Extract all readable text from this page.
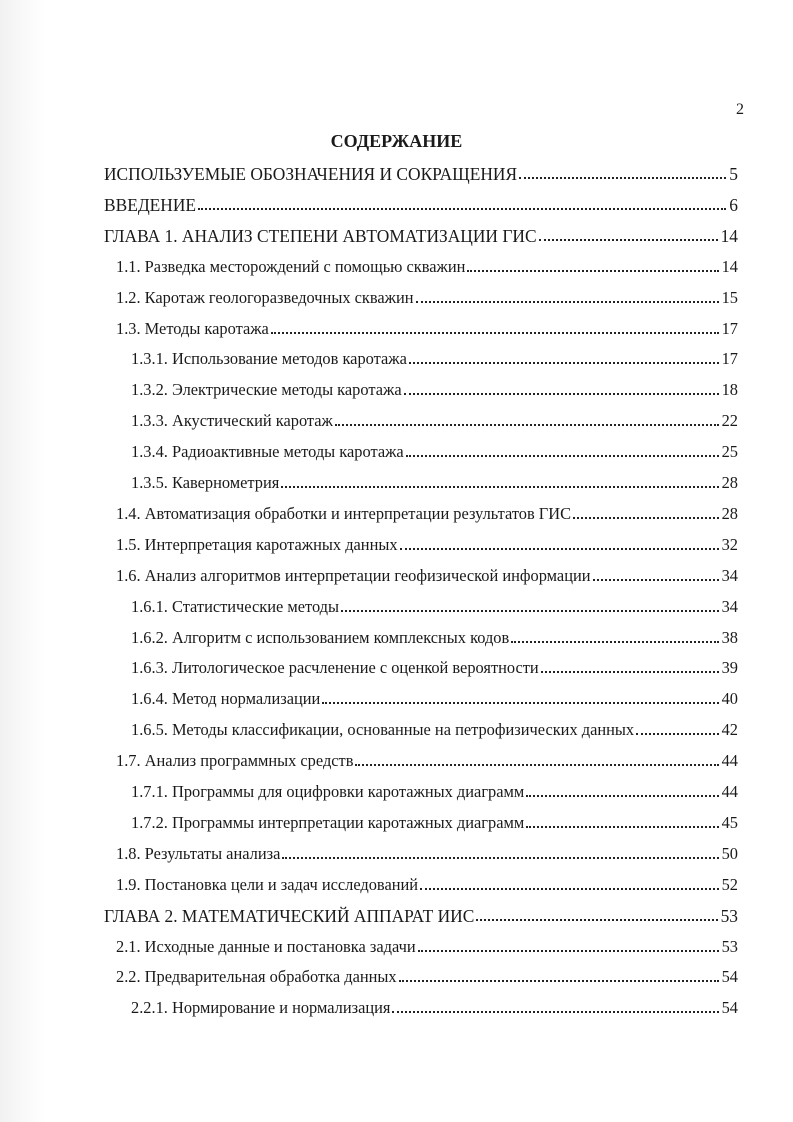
2
СОДЕРЖАНИЕ
ИСПОЛЬЗУЕМЫЕ ОБОЗНАЧЕНИЯ И СОКРАЩЕНИЯ	5
ВВЕДЕНИЕ	6
ГЛАВА 1. АНАЛИЗ СТЕПЕНИ АВТОМАТИЗАЦИИ ГИС	14
1.1. Разведка месторождений с помощью скважин	14
1.2. Каротаж геологоразведочных скважин	15
1.3. Методы каротажа	17
1.3.1. Использование методов каротажа	17
1.3.2. Электрические методы каротажа	18
1.3.3. Акустический каротаж	22
1.3.4. Радиоактивные методы каротажа	25
1.3.5. Кавернометрия	28
1.4. Автоматизация обработки и интерпретации результатов ГИС	28
1.5. Интерпретация каротажных данных	32
1.6. Анализ алгоритмов интерпретации геофизической информации	34
1.6.1. Статистические методы	34
1.6.2. Алгоритм с использованием комплексных кодов	38
1.6.3. Литологическое расчленение с оценкой вероятности	39
1.6.4. Метод нормализации	40
1.6.5. Методы классификации, основанные на петрофизических данных	42
1.7. Анализ программных средств	44
1.7.1. Программы для оцифровки каротажных диаграмм	44
1.7.2. Программы интерпретации каротажных диаграмм	45
1.8. Результаты анализа	50
1.9. Постановка цели и задач исследований	52
ГЛАВА 2. МАТЕМАТИЧЕСКИЙ АППАРАТ ИИС	53
2.1. Исходные данные и постановка задачи	53
2.2. Предварительная обработка данных	54
2.2.1. Нормирование и нормализация	54
